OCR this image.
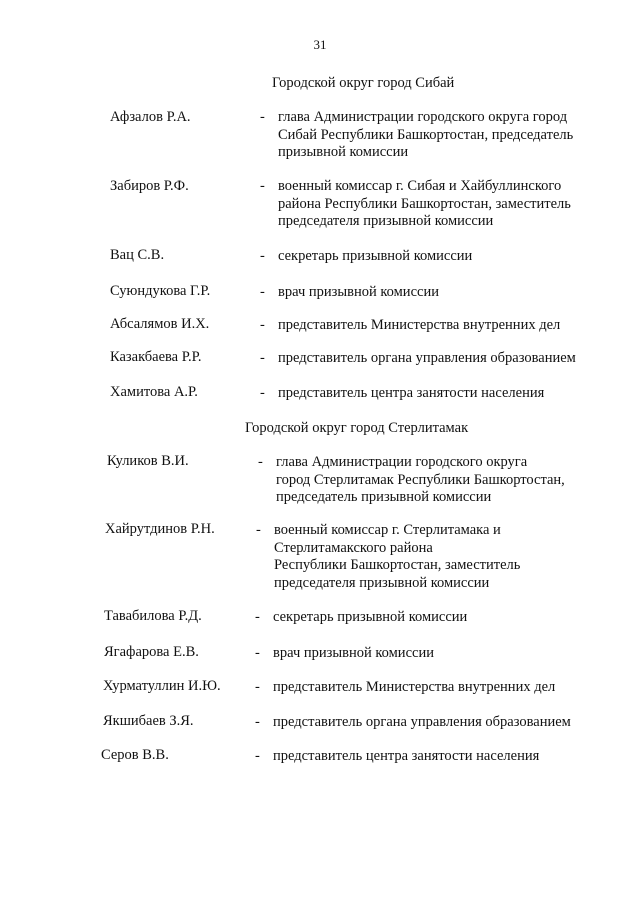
31
Городской округ город Сибай
Афзалов Р.А.	- глава Администрации городского округа город
Сибай Республики Башкортостан, председатель
призывной комиссии
Забиров Р.Ф.	- военный комиссар г. Сибая и Хайбуллинского
района Республики Башкортостан, заместитель
председателя призывной комиссии
Вац С.В.	- секретарь призывной комиссии
Суюндукова Г.Р.	- врач призывной комиссии
Абсалямов И.Х.	- представитель Министерства внутренних дел
Казакбаева Р.Р.	- представитель органа управления образованием
Хамитова А.Р.	- представитель центра занятости населения
Городской округ город Стерлитамак
Куликов В.И.	- глава Администрации городского округа
город Стерлитамак Республики Башкортостан,
председатель призывной комиссии
Хайрутдинов Р.Н.	- военный комиссар г. Стерлитамака и
Стерлитамакского района
Республики Башкортостан, заместитель
председателя призывной комиссии
Тавабилова Р.Д.	- секретарь призывной комиссии
Ягафарова Е.В.	- врач призывной комиссии
Хурматуллин И.Ю. - представитель Министерства внутренних дел
Якшибаев З.Я.	- представитель органа управления образованием
Серов В.В.	- представитель центра занятости населения
